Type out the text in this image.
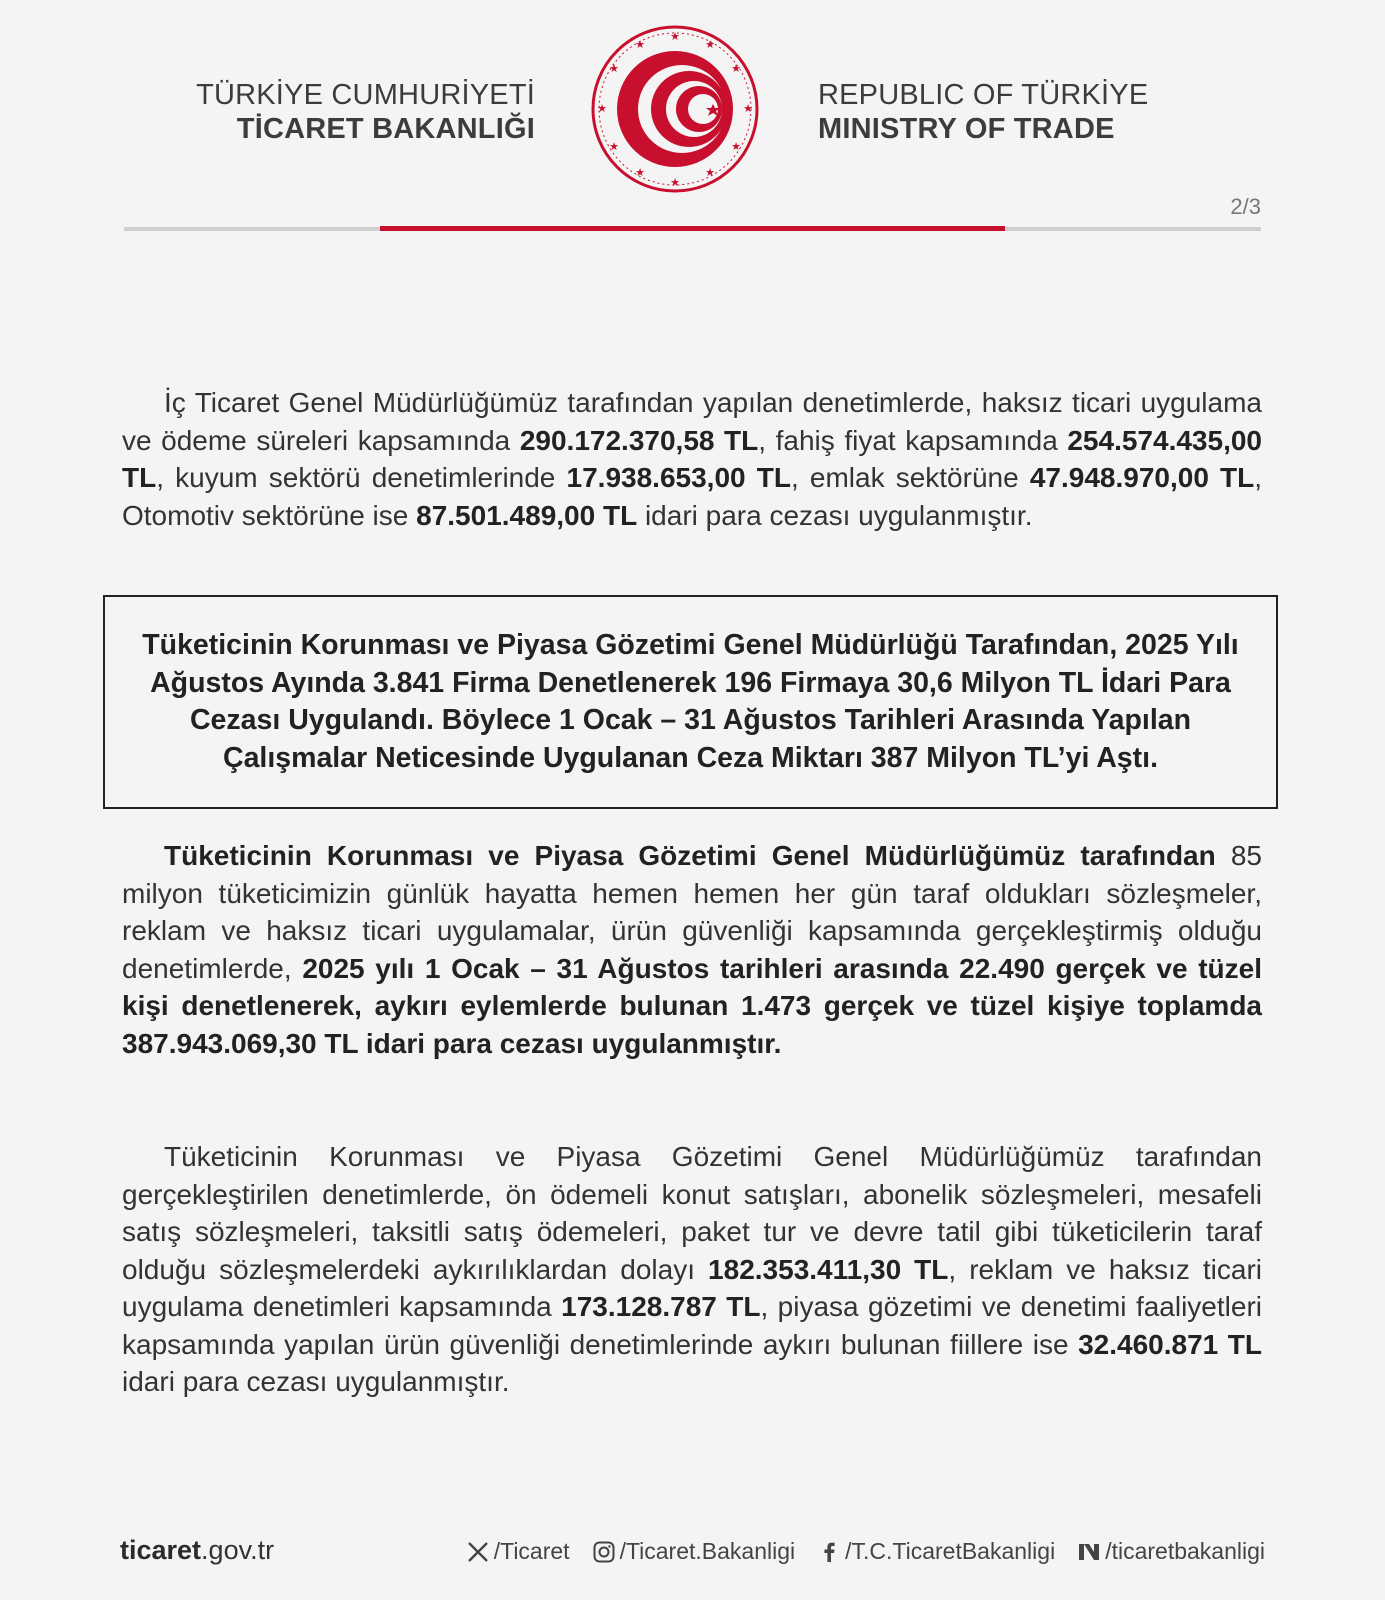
TÜRKİYE CUMHURİYETİ
TİCARET BAKANLIĞI
★
★
★
★
★
★
★
★
★
★
★
★
REPUBLIC OF TÜRKİYE
MINISTRY OF TRADE
2/3
İç Ticaret Genel Müdürlüğümüz tarafından yapılan denetimlerde, haksız ticari uygulama ve ödeme süreleri kapsamında 290.172.370,58 TL, fahiş fiyat kapsamında 254.574.435,00 TL, kuyum sektörü denetimlerinde 17.938.653,00 TL, emlak sektörüne 47.948.970,00 TL, Otomotiv sektörüne ise 87.501.489,00 TL idari para cezası uygulanmıştır.
Tüketicinin Korunması ve Piyasa Gözetimi Genel Müdürlüğü Tarafından, 2025 Yılı Ağustos Ayında 3.841 Firma Denetlenerek 196 Firmaya 30,6 Milyon TL İdari Para Cezası Uygulandı. Böylece 1 Ocak – 31 Ağustos Tarihleri Arasında Yapılan Çalışmalar Neticesinde Uygulanan Ceza Miktarı 387 Milyon TL’yi Aştı.
Tüketicinin Korunması ve Piyasa Gözetimi Genel Müdürlüğümüz tarafından 85 milyon tüketicimizin günlük hayatta hemen hemen her gün taraf oldukları sözleşmeler, reklam ve haksız ticari uygulamalar, ürün güvenliği kapsamında gerçekleştirmiş olduğu denetimlerde, 2025 yılı 1 Ocak – 31 Ağustos tarihleri arasında 22.490 gerçek ve tüzel kişi denetlenerek, aykırı eylemlerde bulunan 1.473 gerçek ve tüzel kişiye toplamda 387.943.069,30 TL idari para cezası uygulanmıştır.
Tüketicinin Korunması ve Piyasa Gözetimi Genel Müdürlüğümüz tarafından gerçekleştirilen denetimlerde, ön ödemeli konut satışları, abonelik sözleşmeleri, mesafeli satış sözleşmeleri, taksitli satış ödemeleri, paket tur ve devre tatil gibi tüketicilerin taraf olduğu sözleşmelerdeki aykırılıklardan dolayı 182.353.411,30 TL, reklam ve haksız ticari uygulama denetimleri kapsamında 173.128.787 TL, piyasa gözetimi ve denetimi faaliyetleri kapsamında yapılan ürün güvenliği denetimlerinde aykırı bulunan fiillere ise 32.460.871 TL idari para cezası uygulanmıştır.
ticaret.gov.tr	/Ticaret /Ticaret.Bakanligi /T.C.TicaretBakanligi /ticaretbakanligi
